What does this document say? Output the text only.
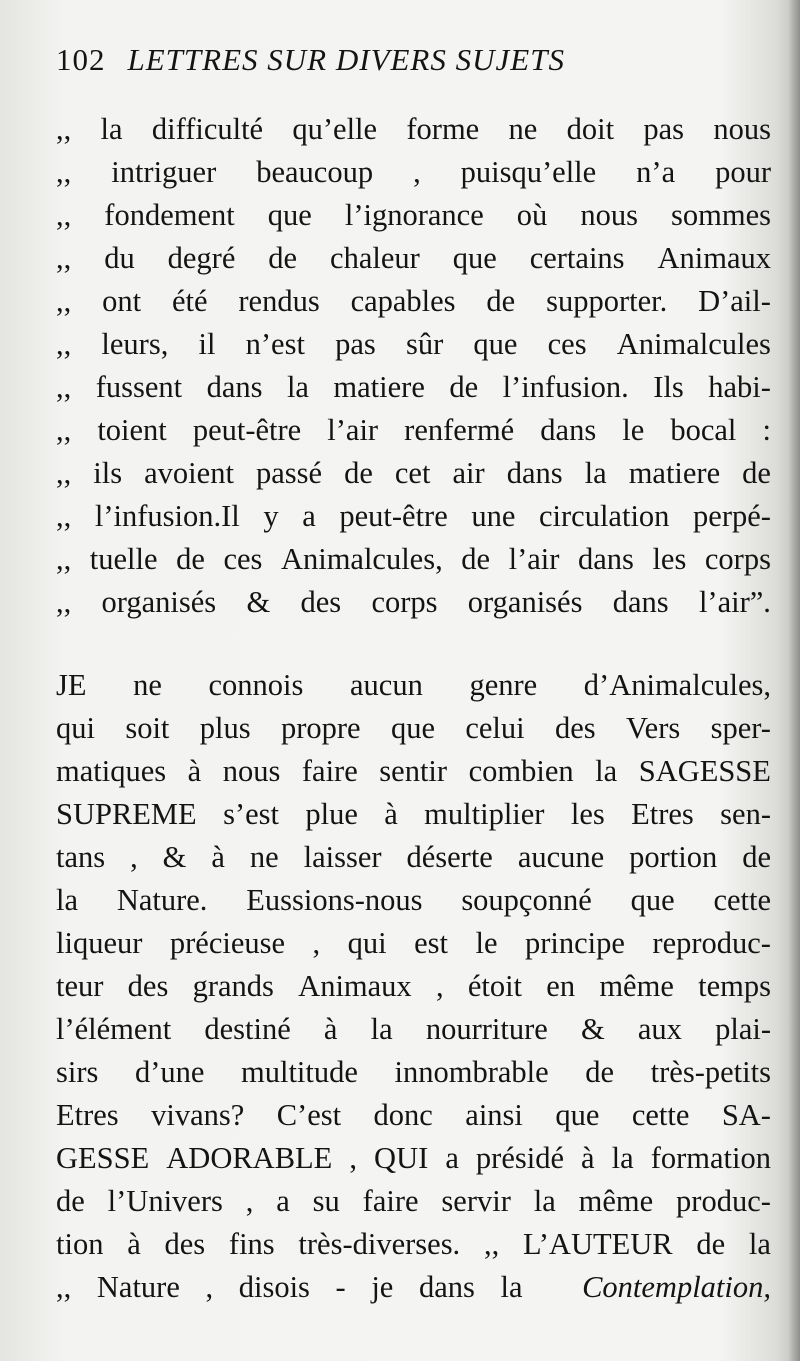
102 LETTRES SUR DIVERS SUJETS
,, la difficulté qu’elle forme ne doit pas nous
,, intriguer beaucoup , puisqu’elle n’a pour
,, fondement que l’ignorance où nous sommes
,, du degré de chaleur que certains Animaux
,, ont été rendus capables de supporter. D’ail-
,, leurs, il n’est pas sûr que ces Animalcules
,, fussent dans la matiere de l’infusion. Ils habi-
,, toient peut-être l’air renfermé dans le bocal :
,, ils avoient passé de cet air dans la matiere de
,, l’infusion.Il y a peut-être une circulation perpé-
,, tuelle de ces Animalcules, de l’air dans les corps
,, organisés & des corps organisés dans l’air”.
JE ne connois aucun genre d’Animalcules,
qui soit plus propre que celui des Vers sper-
matiques à nous faire sentir combien la SAGESSE
SUPREME s’est plue à multiplier les Etres sen-
tans , & à ne laisser déserte aucune portion de
la Nature. Eussions-nous soupçonné que cette
liqueur précieuse , qui est le principe reproduc-
teur des grands Animaux , étoit en même temps
l’élément destiné à la nourriture & aux plai-
sirs d’une multitude innombrable de très-petits
Etres vivans? C’est donc ainsi que cette SA-
GESSE ADORABLE , QUI a présidé à la formation
de l’Univers , a su faire servir la même produc-
tion à des fins très-diverses. ,, L’AUTEUR de la
,, Nature , disois - je dans la Contemplation,
